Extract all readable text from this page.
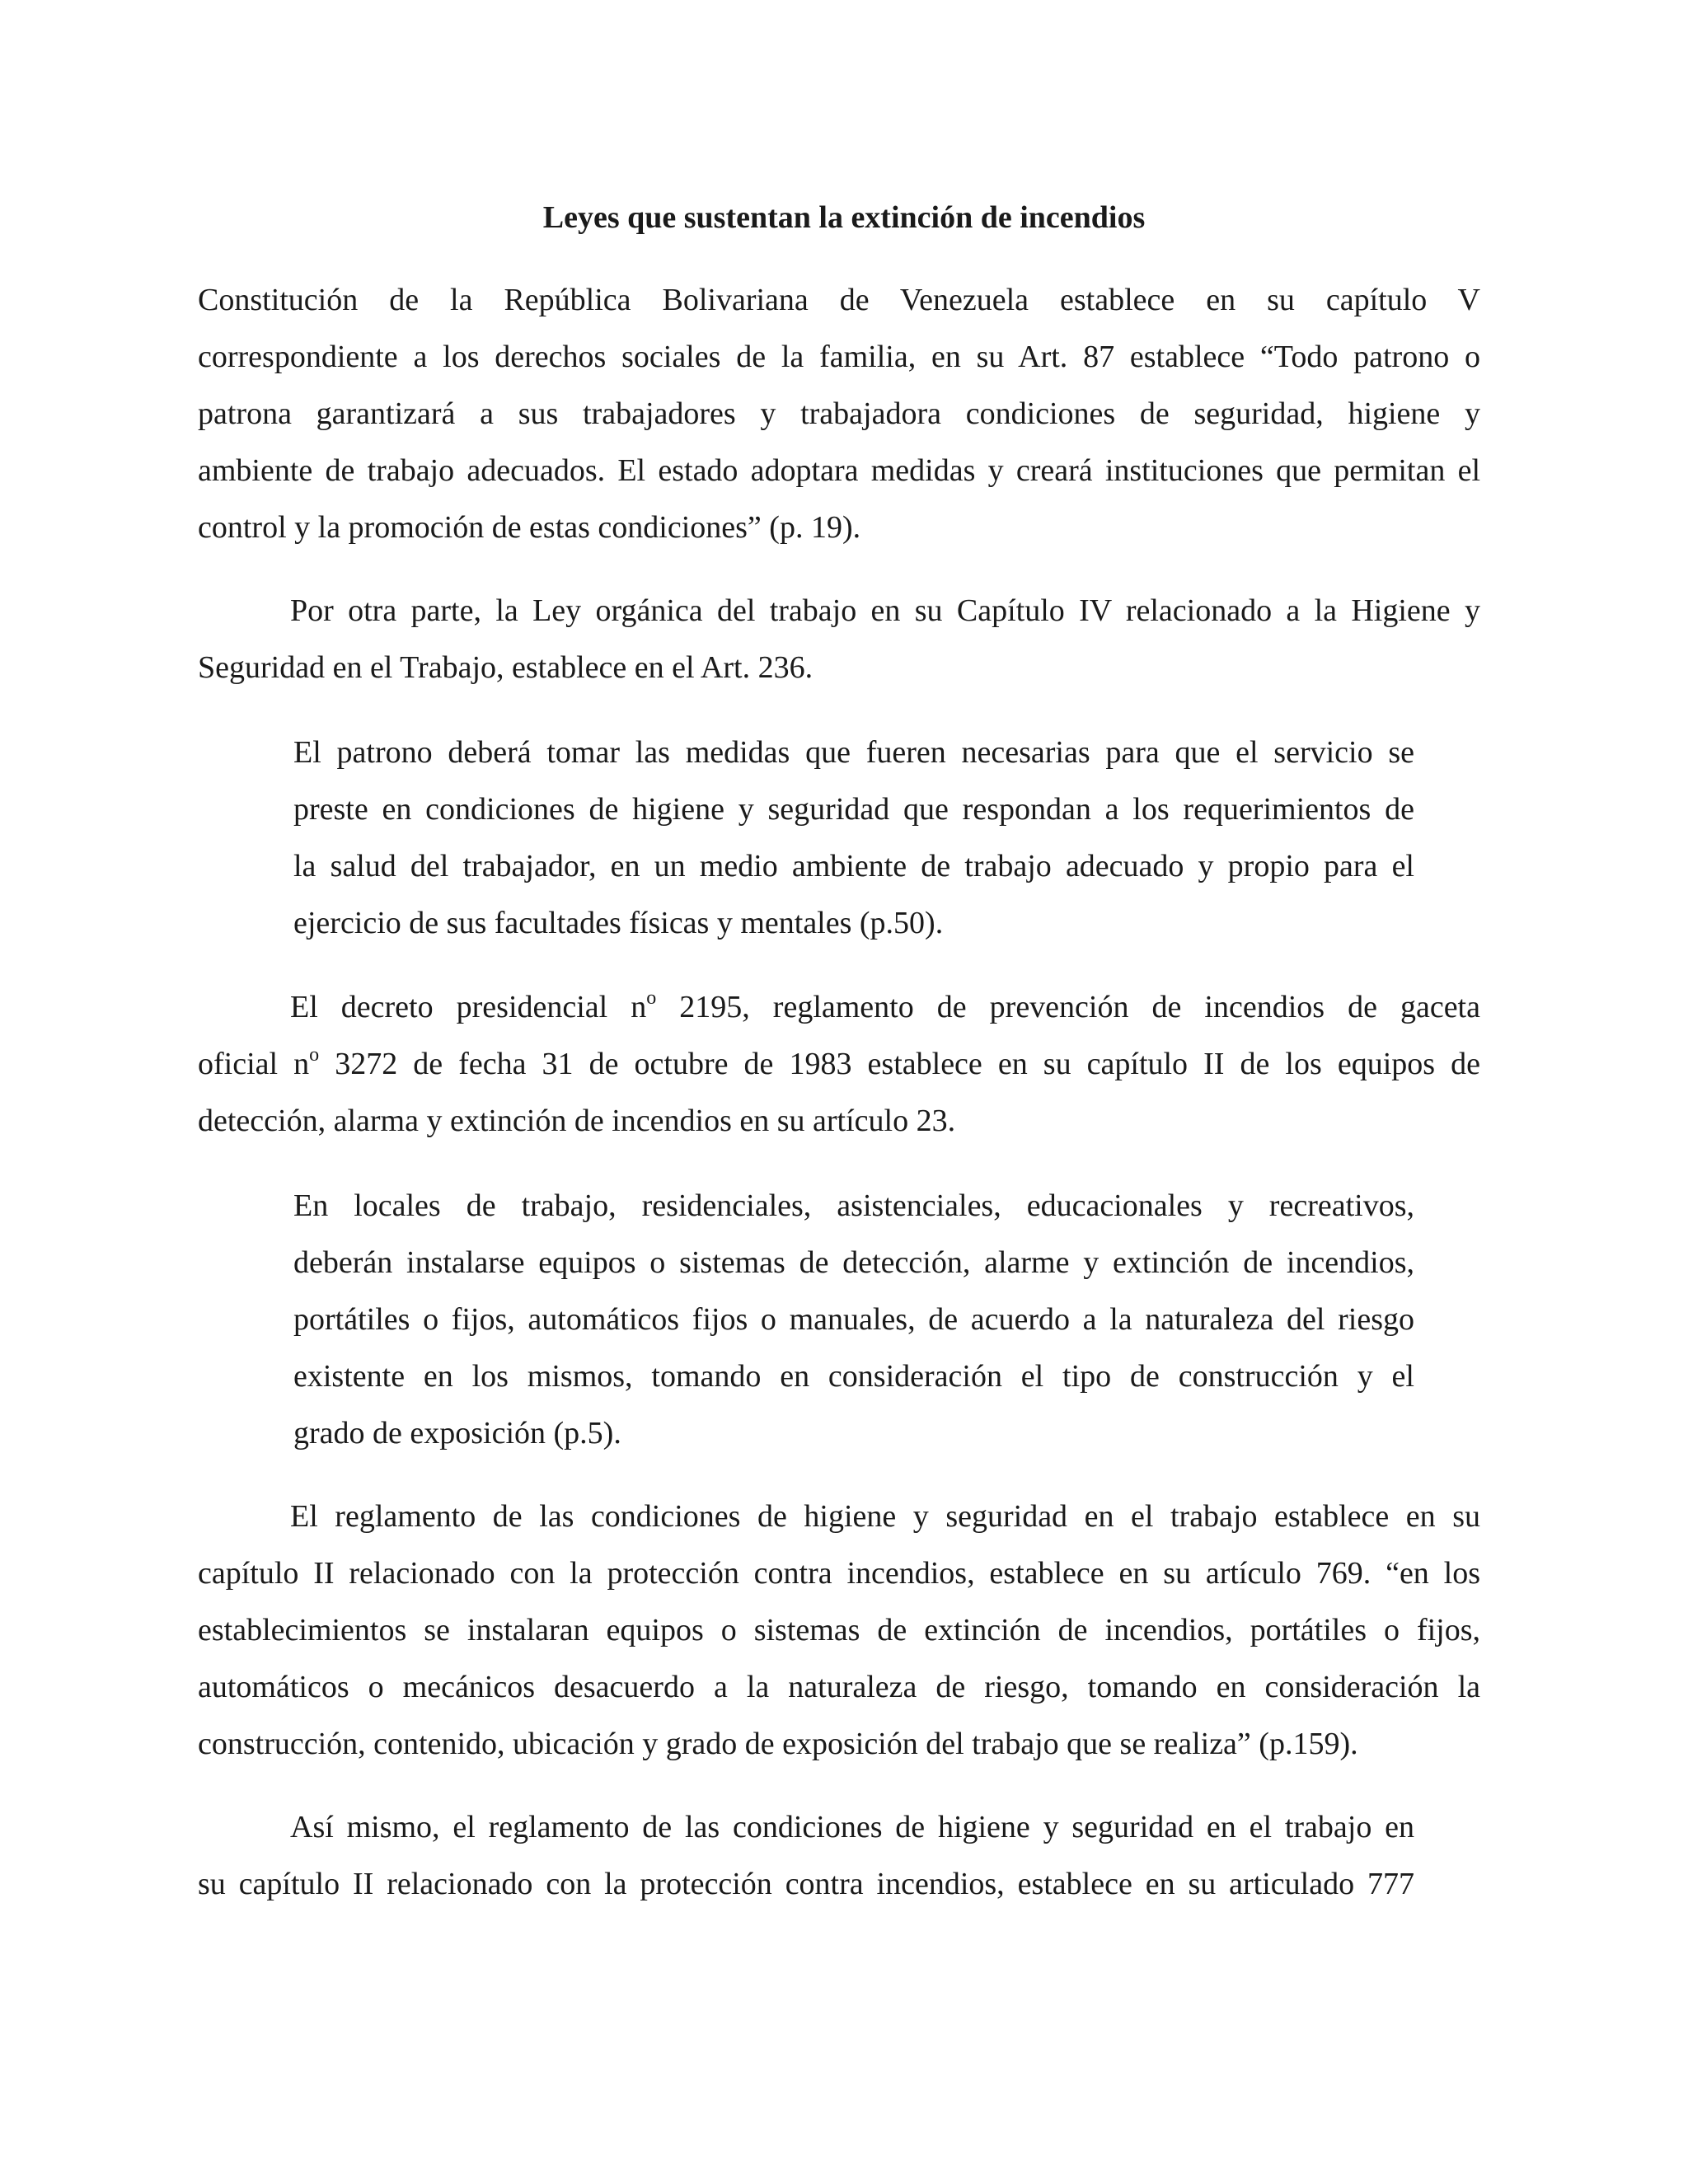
Leyes que sustentan la extinción de incendios
Constitución de la República Bolivariana de Venezuela establece en su capítulo V
correspondiente a los derechos sociales de la familia, en su Art. 87 establece “Todo patrono o
patrona garantizará a sus trabajadores y trabajadora condiciones de seguridad, higiene y
ambiente de trabajo adecuados. El estado adoptara medidas y creará instituciones que permitan el
control y la promoción de estas condiciones” (p. 19).
Por otra parte, la Ley orgánica del trabajo en su Capítulo IV relacionado a la Higiene y
Seguridad en el Trabajo, establece en el Art. 236.
El patrono deberá tomar las medidas que fueren necesarias para que el servicio se
preste en condiciones de higiene y seguridad que respondan a los requerimientos de
la salud del trabajador, en un medio ambiente de trabajo adecuado y propio para el
ejercicio de sus facultades físicas y mentales (p.50).
El decreto presidencial $n^o$ 2195, reglamento de prevención de incendios de gaceta
oficial $n^o$ 3272 de fecha 31 de octubre de 1983 establece en su capítulo II de los equipos de
detección, alarma y extinción de incendios en su artículo 23.
En locales de trabajo, residenciales, asistenciales, educacionales y recreativos,
deberán instalarse equipos o sistemas de detección, alarme y extinción de incendios,
portátiles o fijos, automáticos fijos o manuales, de acuerdo a la naturaleza del riesgo
existente en los mismos, tomando en consideración el tipo de construcción y el
grado de exposición (p.5).
El reglamento de las condiciones de higiene y seguridad en el trabajo establece en su
capítulo II relacionado con la protección contra incendios, establece en su artículo 769. “en los
establecimientos se instalaran equipos o sistemas de extinción de incendios, portátiles o fijos,
automáticos o mecánicos desacuerdo a la naturaleza de riesgo, tomando en consideración la
construcción, contenido, ubicación y grado de exposición del trabajo que se realiza” (p.159).
Así mismo, el reglamento de las condiciones de higiene y seguridad en el trabajo en
su capítulo II relacionado con la protección contra incendios, establece en su articulado 777
